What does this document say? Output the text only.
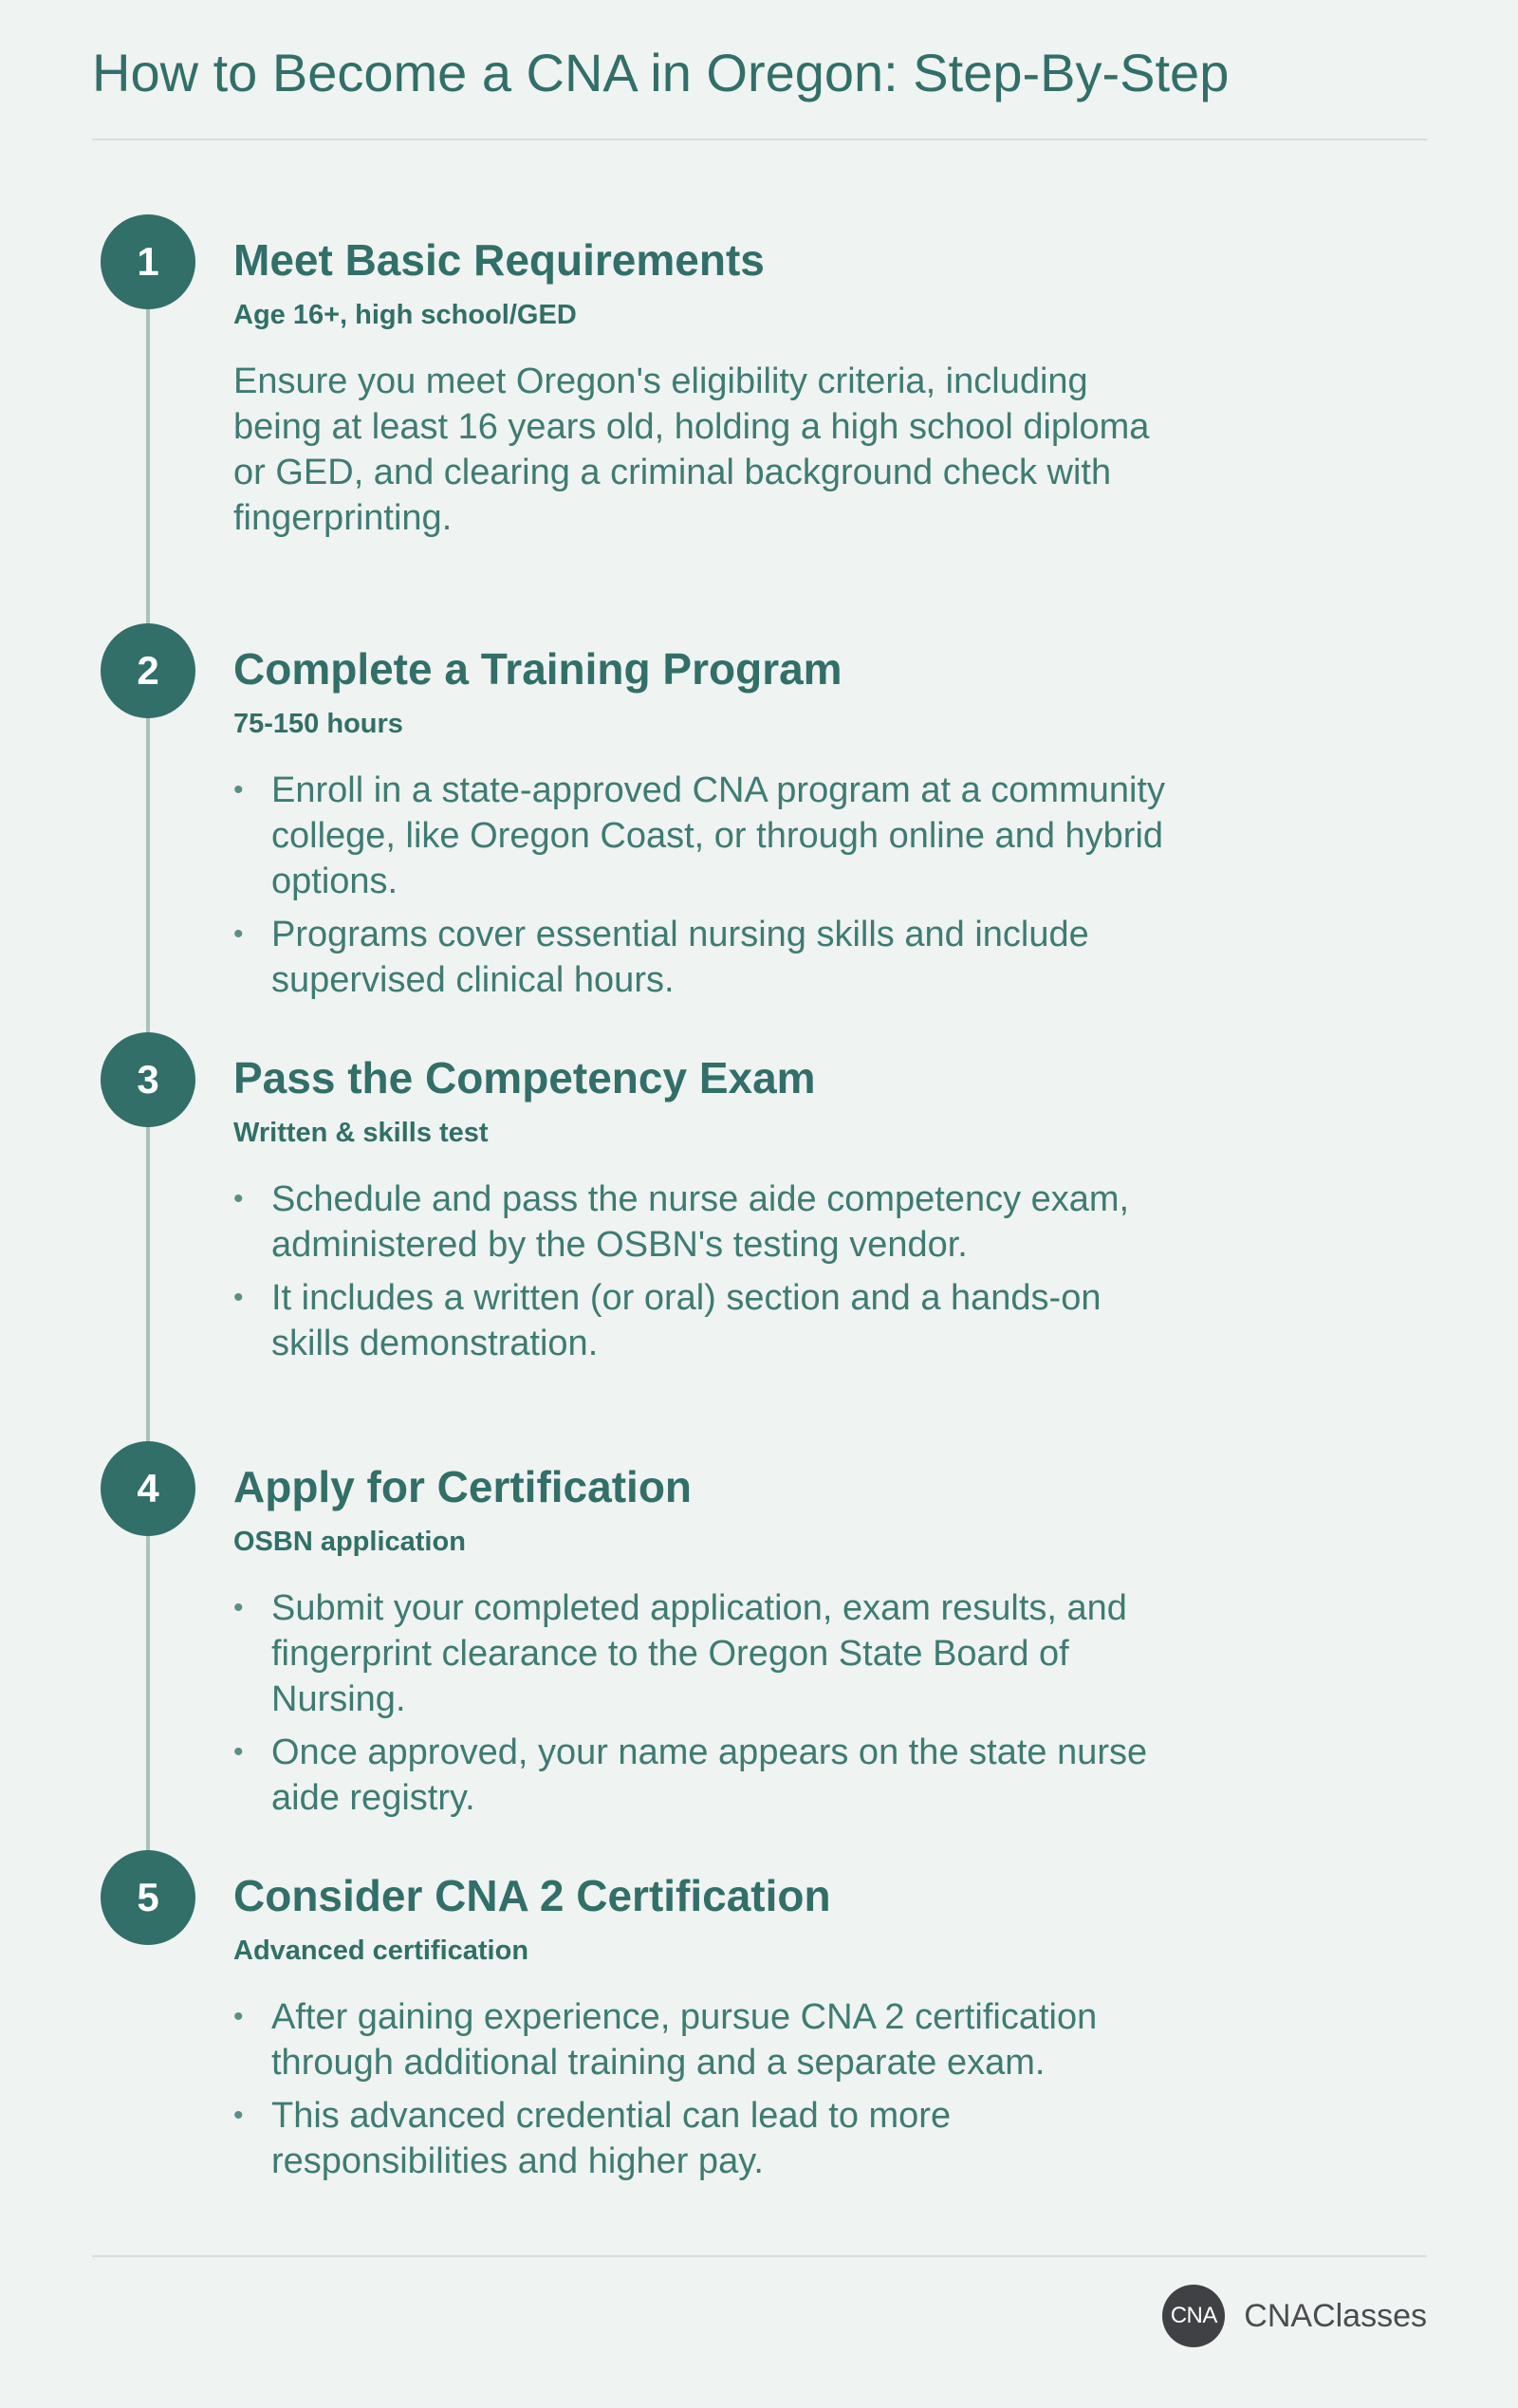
How to Become a CNA in Oregon: Step-By-Step
1	Meet Basic Requirements
Age 16+, high school/GED

Ensure you meet Oregon's eligibility criteria, including being at least 16 years old, holding a high school diploma or GED, and clearing a criminal background check with fingerprinting.

2	Complete a Training Program
75-150 hours
• Enroll in a state-approved CNA program at a community college, like Oregon Coast, or through online and hybrid options.
• Programs cover essential nursing skills and include supervised clinical hours.
3	Pass the Competency Exam
Written & skills test
• Schedule and pass the nurse aide competency exam, administered by the OSBN's testing vendor.
• It includes a written (or oral) section and a hands-on skills demonstration.
4	Apply for Certification
OSBN application
• Submit your completed application, exam results, and fingerprint clearance to the Oregon State Board of Nursing.
• Once approved, your name appears on the state nurse aide registry.
5	Consider CNA 2 Certification
Advanced certification
• After gaining experience, pursue CNA 2 certification through additional training and a separate exam.
• This advanced credential can lead to more responsibilities and higher pay.
CNA CNAClasses
